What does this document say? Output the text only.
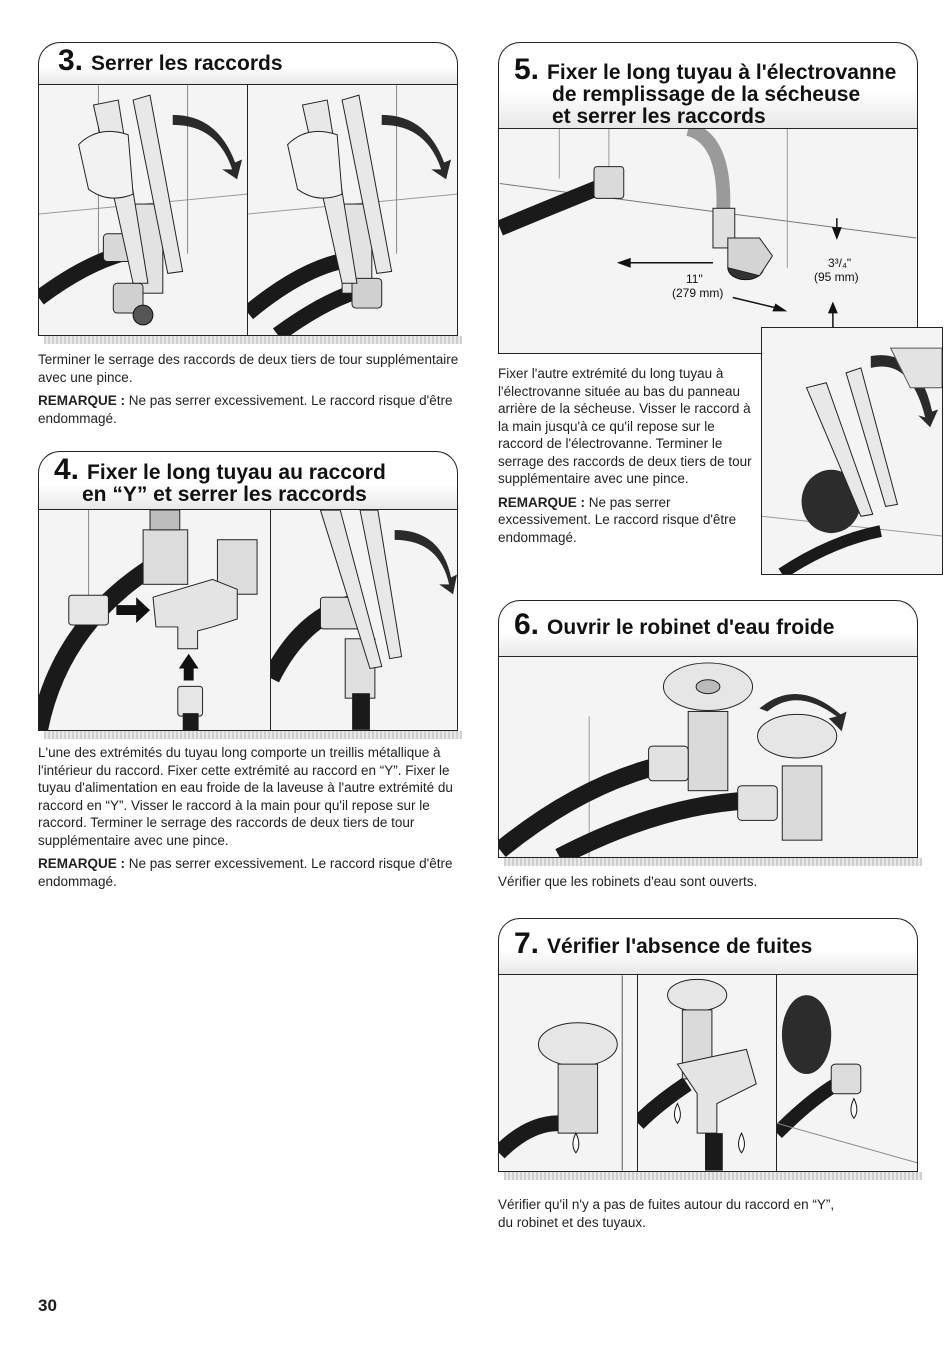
3. Serrer les raccords

Terminer le serrage des raccords de deux tiers de tour supplémentaire avec une pince.

REMARQUE : Ne pas serrer excessivement. Le raccord risque d'être endommagé.

4. Fixer le long tuyau au raccord
en “Y” et serrer les raccords

L'une des extrémités du tuyau long comporte un treillis métallique à l'intérieur du raccord. Fixer cette extrémité au raccord en “Y”. Fixer le tuyau d'alimentation en eau froide de la laveuse à l'autre extrémité du raccord en “Y”. Visser le raccord à la main pour qu'il repose sur le raccord. Terminer le serrage des raccords de deux tiers de tour supplémentaire avec une pince.

REMARQUE : Ne pas serrer excessivement. Le raccord risque d'être endommagé.

5. Fixer le long tuyau à l'électrovanne
de remplissage de la sécheuse
et serrer les raccords
3³/₄"
(95 mm)
11"
(279 mm)

Fixer l'autre extrémité du long tuyau à l'électrovanne située au bas du panneau arrière de la sécheuse. Visser le raccord à la main jusqu'à ce qu'il repose sur le raccord de l'électrovanne. Terminer le serrage des raccords de deux tiers de tour supplémentaire avec une pince.

REMARQUE : Ne pas serrer excessivement. Le raccord risque d'être endommagé.

6. Ouvrir le robinet d'eau froide

Vérifier que les robinets d'eau sont ouverts.

7. Vérifier l'absence de fuites

Vérifier qu'il n'y a pas de fuites autour du raccord en “Y”,

du robinet et des tuyaux.

30
